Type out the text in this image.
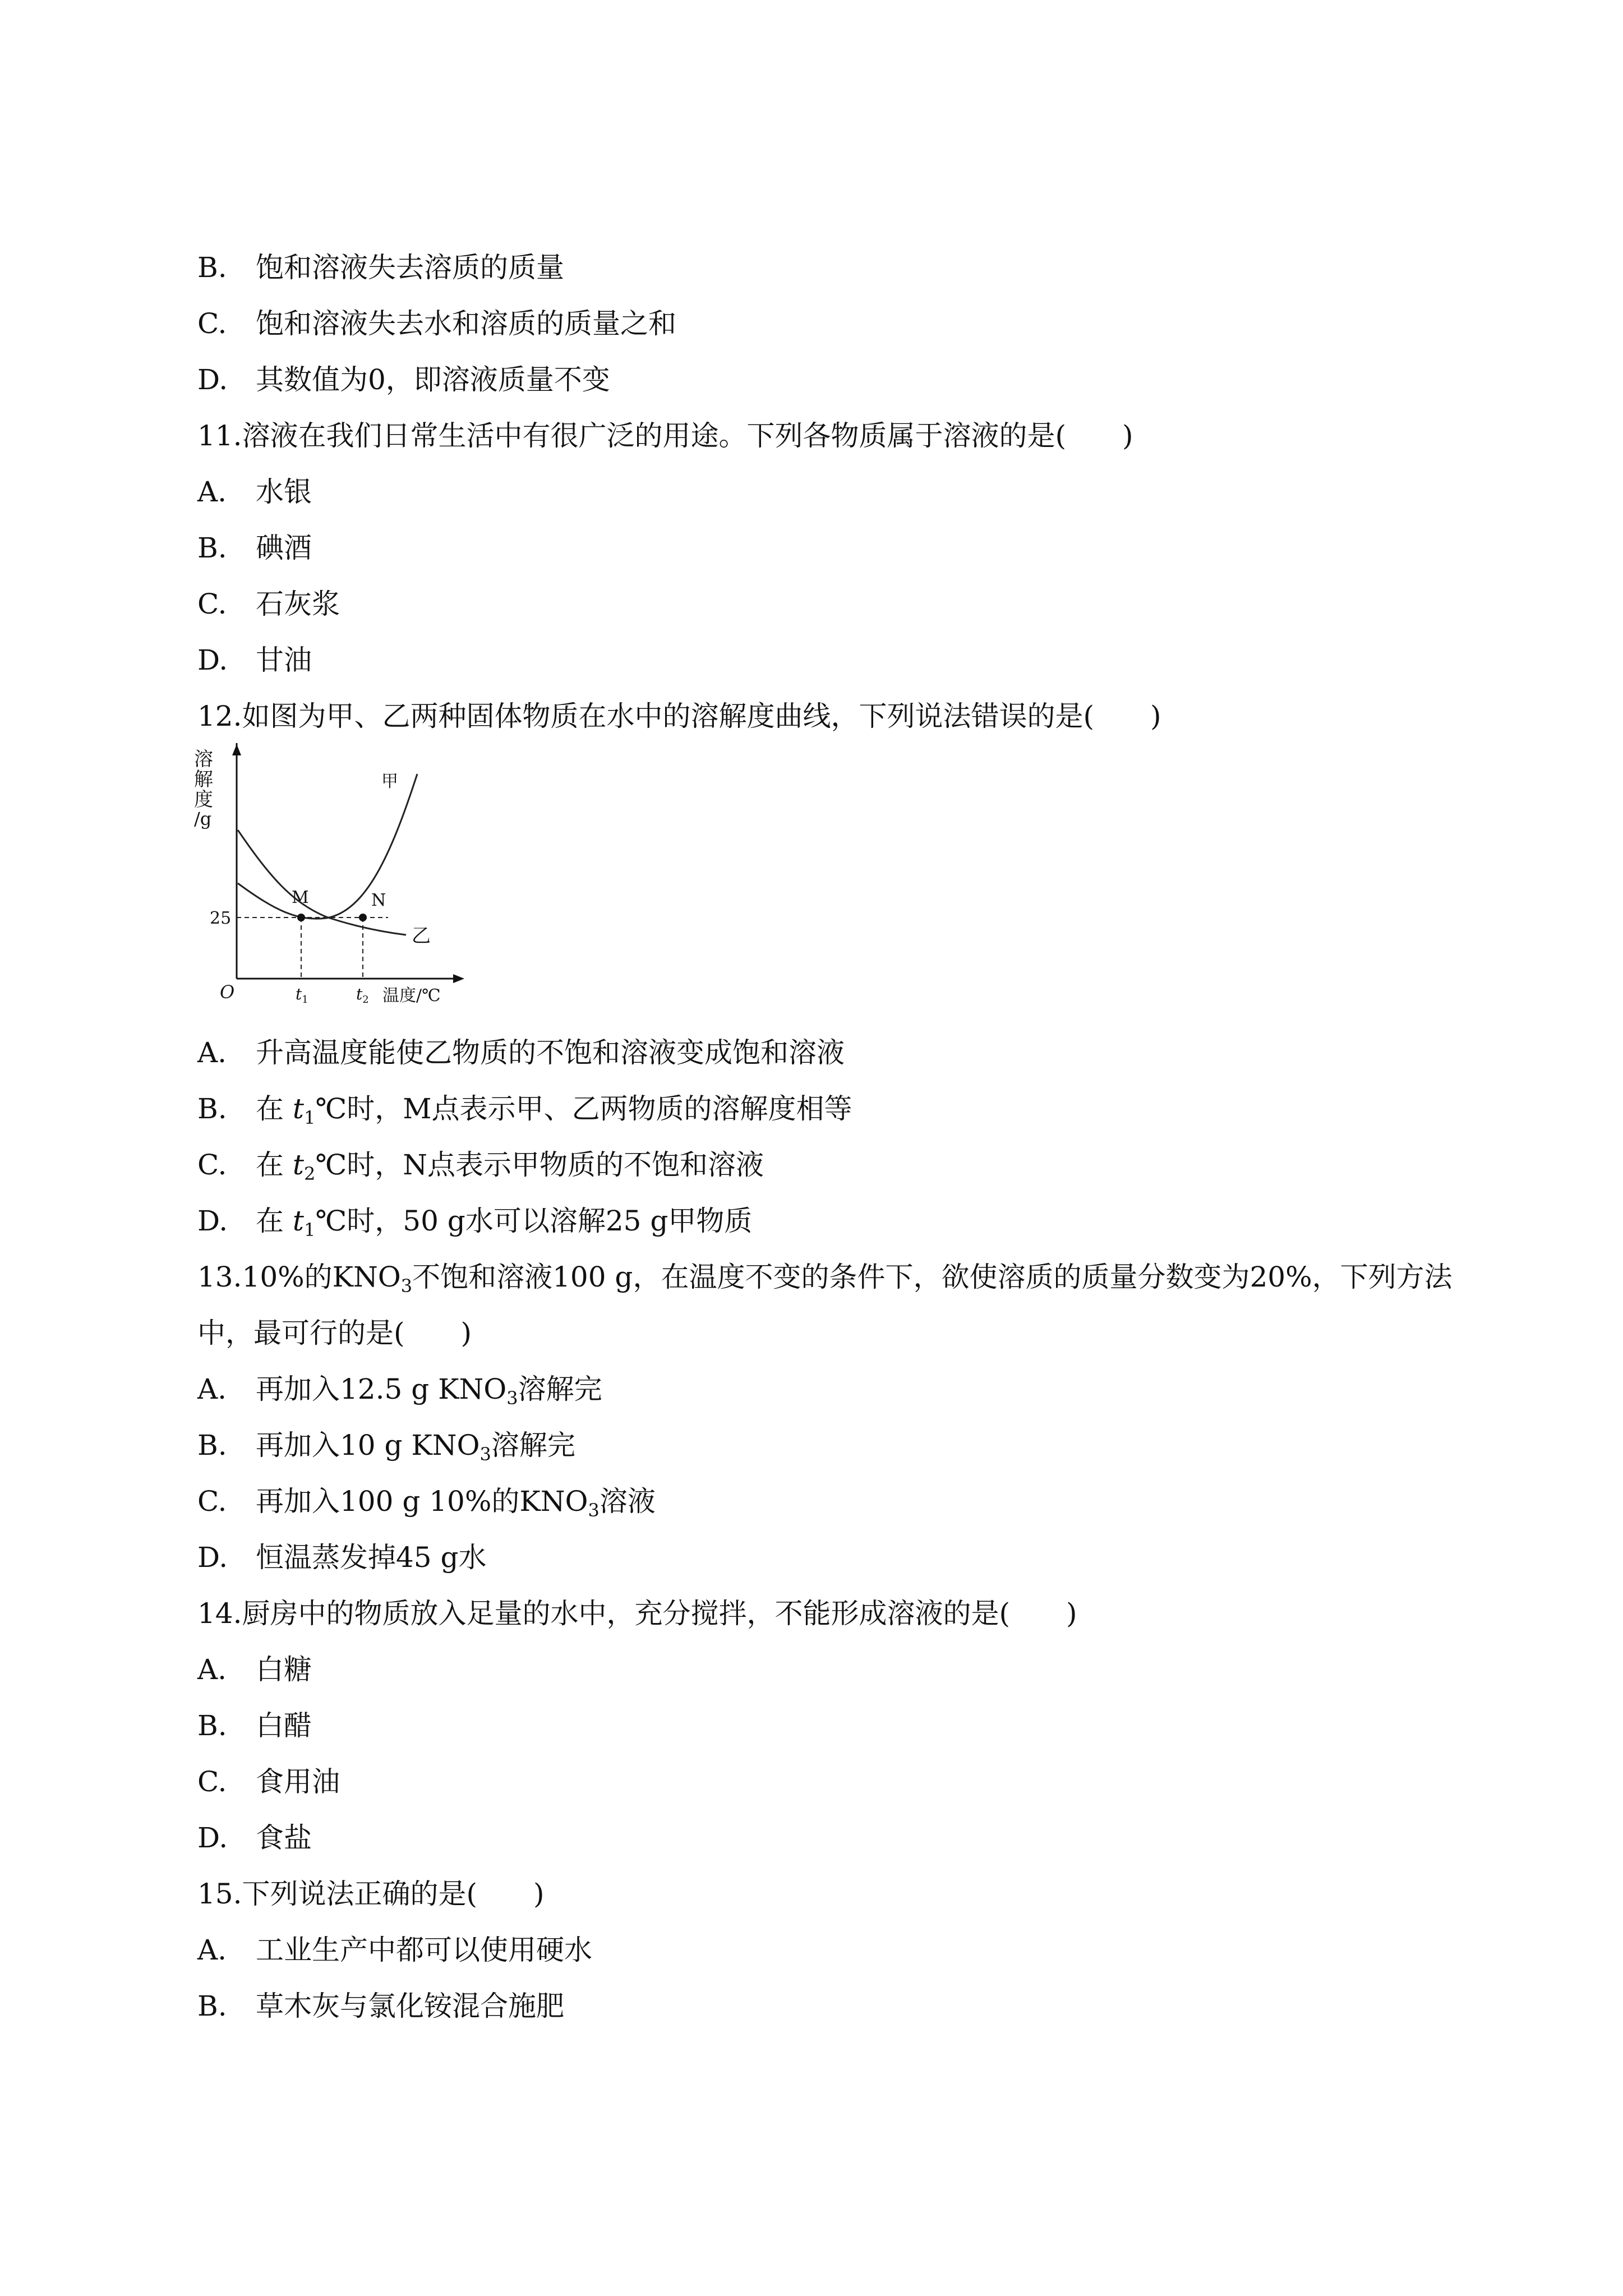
B. 饱和溶液失去溶质的质量
C. 饱和溶液失去水和溶质的质量之和
D. 其数值为0，即溶液质量不变
11.溶液在我们日常生活中有很广泛的用途。下列各物质属于溶液的是(　　)
A. 水银
B. 碘酒
C. 石灰浆
D. 甘油
12.如图为甲、乙两种固体物质在水中的溶解度曲线，下列说法错误的是(　　)
溶
解
度
/g
M	N
甲
乙
25
O	$t_1$	$t_2$ 温度/℃
A. 升高温度能使乙物质的不饱和溶液变成饱和溶液
B. 在 $t_1℃$时，M点表示甲、乙两物质的溶解度相等
C. 在 $t_2℃$时，N点表示甲物质的不饱和溶液
D. 在 $t_1℃$时，50 g水可以溶解25 g甲物质
13.10%的$KNO_3$不饱和溶液100 g，在温度不变的条件下，欲使溶质的质量分数变为20%，下列方法
中，最可行的是(　　)
A. 再加入12.5 g $KNO_3$溶解完
B. 再加入10 g $KNO_3$溶解完
C. 再加入100 g 10%的$KNO_3$溶液
D. 恒温蒸发掉45 g水
14.厨房中的物质放入足量的水中，充分搅拌，不能形成溶液的是(　　)
A. 白糖
B. 白醋
C. 食用油
D. 食盐
15.下列说法正确的是(　　)
A. 工业生产中都可以使用硬水
B. 草木灰与氯化铵混合施肥
